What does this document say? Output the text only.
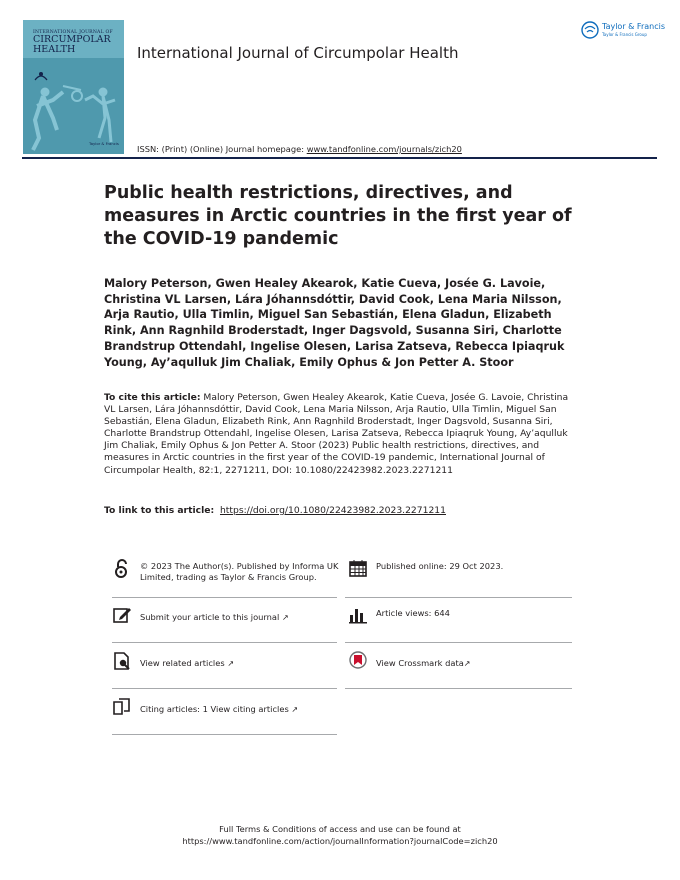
INTERNATIONAL JOURNAL OF
CIRCUMPOLAR HEALTH
Taylor & Francis
International Journal of Circumpolar Health
Taylor & Francis
Taylor & Francis Group
ISSN: (Print) (Online) Journal homepage: www.tandfonline.com/journals/zich20
Public health restrictions, directives, and measures in Arctic countries in the first year of the COVID-19 pandemic
Malory Peterson, Gwen Healey Akearok, Katie Cueva, Josée G. Lavoie, Christina VL Larsen, Lára Jóhannsdóttir, David Cook, Lena Maria Nilsson, Arja Rautio, Ulla Timlin, Miguel San Sebastián, Elena Gladun, Elizabeth Rink, Ann Ragnhild Broderstadt, Inger Dagsvold, Susanna Siri, Charlotte Brandstrup Ottendahl, Ingelise Olesen, Larisa Zatseva, Rebecca Ipiaqruk Young, Ay’aqulluk Jim Chaliak, Emily Ophus & Jon Petter A. Stoor
To cite this article: Malory Peterson, Gwen Healey Akearok, Katie Cueva, Josée G. Lavoie, Christina VL Larsen, Lára Jóhannsdóttir, David Cook, Lena Maria Nilsson, Arja Rautio, Ulla Timlin, Miguel San Sebastián, Elena Gladun, Elizabeth Rink, Ann Ragnhild Broderstadt, Inger Dagsvold, Susanna Siri, Charlotte Brandstrup Ottendahl, Ingelise Olesen, Larisa Zatseva, Rebecca Ipiaqruk Young, Ay’aqulluk Jim Chaliak, Emily Ophus & Jon Petter A. Stoor (2023) Public health restrictions, directives, and measures in Arctic countries in the first year of the COVID-19 pandemic, International Journal of Circumpolar Health, 82:1, 2271211, DOI: 10.1080/22423982.2023.2271211
To link to this article: https://doi.org/10.1080/22423982.2023.2271211
© 2023 The Author(s). Published by Informa UK Limited, trading as Taylor & Francis Group.
Submit your article to this journal ↗
View related articles ↗
Citing articles: 1 View citing articles ↗
Published online: 29 Oct 2023.
Article views: 644
View Crossmark data↗
Full Terms & Conditions of access and use can be found at
https://www.tandfonline.com/action/journalInformation?journalCode=zich20
